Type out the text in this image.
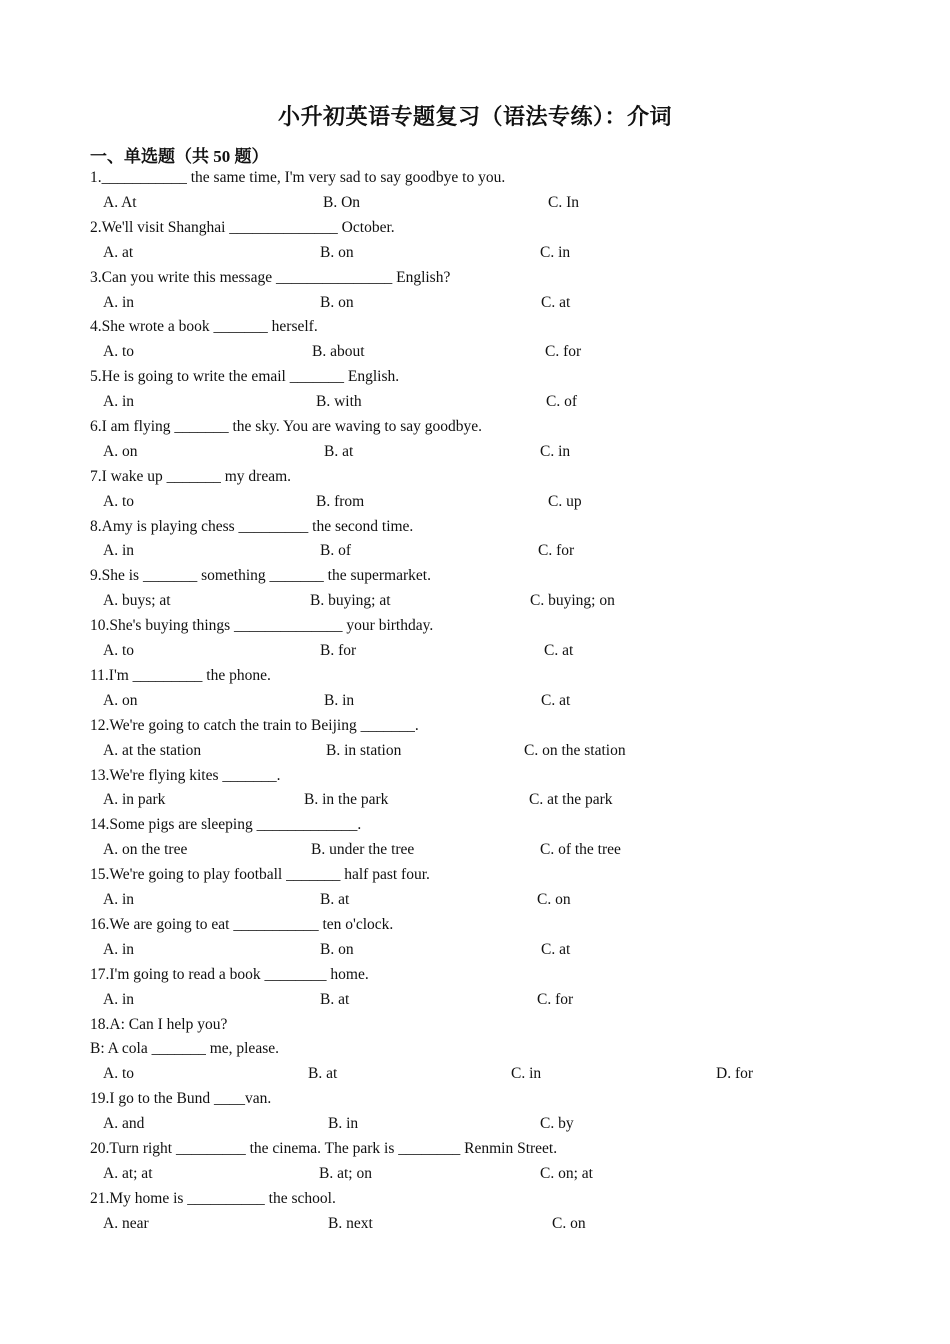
小升初英语专题复习（语法专练）：介词
一、单选题（共 50 题）
1.___________ the same time, I'm very sad to say goodbye to you.
A. At	B. On	C. In
2.We'll visit Shanghai ______________ October.
A. at	B. on	C. in
3.Can you write this message _______________ English?
A. in	B. on	C. at
4.She wrote a book _______ herself.
A. to	B. about	C. for
5.He is going to write the email _______ English.
A. in	B. with	C. of
6.I am flying _______ the sky. You are waving to say goodbye.
A. on	B. at	C. in
7.I wake up _______ my dream.
A. to	B. from	C. up
8.Amy is playing chess _________ the second time.
A. in	B. of	C. for
9.She is _______ something _______ the supermarket.
A. buys; at	B. buying; at	C. buying; on
10.She's buying things ______________ your birthday.
A. to	B. for	C. at
11.I'm _________ the phone.
A. on	B. in	C. at
12.We're going to catch the train to Beijing _______.
A. at the station	B. in station	C. on the station
13.We're flying kites _______.
A. in park	B. in the park	C. at the park
14.Some pigs are sleeping _____________.
A. on the tree	B. under the tree	C. of the tree
15.We're going to play football _______ half past four.
A. in	B. at	C. on
16.We are going to eat ___________ ten o'clock.
A. in	B. on	C. at
17.I'm going to read a book ________ home.
A. in	B. at	C. for
18.A: Can I help you?
B: A cola _______ me, please.
A. to	B. at	C. in	D. for
19.I go to the Bund ____van.
A. and	B. in	C. by
20.Turn right _________ the cinema. The park is ________ Renmin Street.
A. at; at	B. at; on	C. on; at
21.My home is __________ the school.
A. near	B. next	C. on
